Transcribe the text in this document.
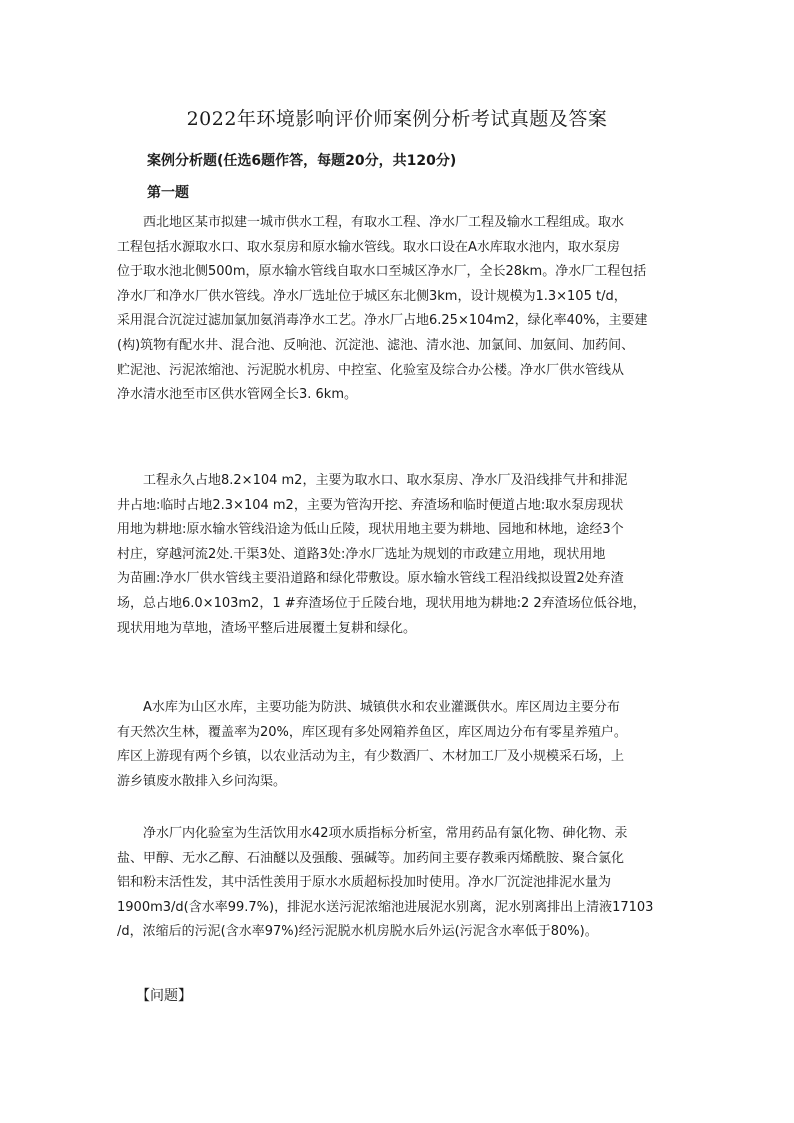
2022年环境影响评价师案例分析考试真题及答案
案例分析题(任选6题作答，每题20分，共120分)
第一题
　　西北地区某市拟建一城市供水工程，有取水工程、净水厂工程及输水工程组成。取水
工程包括水源取水口、取水泵房和原水输水管线。取水口设在A水库取水池内，取水泵房
位于取水池北侧500m，原水输水管线自取水口至城区净水厂，全长28km。净水厂工程包括
净水厂和净水厂供水管线。净水厂选址位于城区东北侧3km，设计规模为1.3×105 t/d，
采用混合沉淀过滤加氯加氨消毒净水工艺。净水厂占地6.25×104m2，绿化率40%，主要建
(构)筑物有配水井、混合池、反响池、沉淀池、滤池、清水池、加氯间、加氨间、加药间、
贮泥池、污泥浓缩池、污泥脱水机房、中控室、化验室及综合办公楼。净水厂供水管线从
净水清水池至市区供水管网全长3. 6km。
　　工程永久占地8.2×104 m2，主要为取水口、取水泵房、净水厂及沿线排气井和排泥
井占地:临时占地2.3×104 m2，主要为管沟开挖、弃渣场和临时便道占地:取水泵房现状
用地为耕地:原水输水管线沿途为低山丘陵，现状用地主要为耕地、园地和林地，途经3个
村庄，穿越河流2处.干渠3处、道路3处:净水厂选址为规划的市政建立用地，现状用地
为苗圃:净水厂供水管线主要沿道路和绿化带敷设。原水输水管线工程沿线拟设置2处弃渣
场，总占地6.0×103m2，1 #弃渣场位于丘陵台地，现状用地为耕地:2 2弃渣场位低谷地，
现状用地为草地，渣场平整后进展覆土复耕和绿化。
　　A水库为山区水库，主要功能为防洪、城镇供水和农业灌溉供水。库区周边主要分布
有天然次生林，覆盖率为20%，库区现有多处网箱养鱼区，库区周边分布有零星养殖户。
库区上游现有两个乡镇，以农业活动为主，有少数酒厂、木材加工厂及小规模采石场，上
游乡镇废水散排入乡问沟渠。
　　净水厂内化验室为生活饮用水42项水质指标分析室，常用药品有氯化物、砷化物、汞
盐、甲醇、无水乙醇、石油醚以及强酸、强碱等。加药间主要存教乘丙烯酰胺、聚合氯化
铝和粉末活性发，其中活性羡用于原水水质超标投加时使用。净水厂沉淀池排泥水量为
1900m3/d(含水率99.7%)，排泥水送污泥浓缩池进展泥水别离，泥水别离排出上清液17103
/d，浓缩后的污泥(含水率97%)经污泥脱水机房脱水后外运(污泥含水率低于80%)。
【问题】
